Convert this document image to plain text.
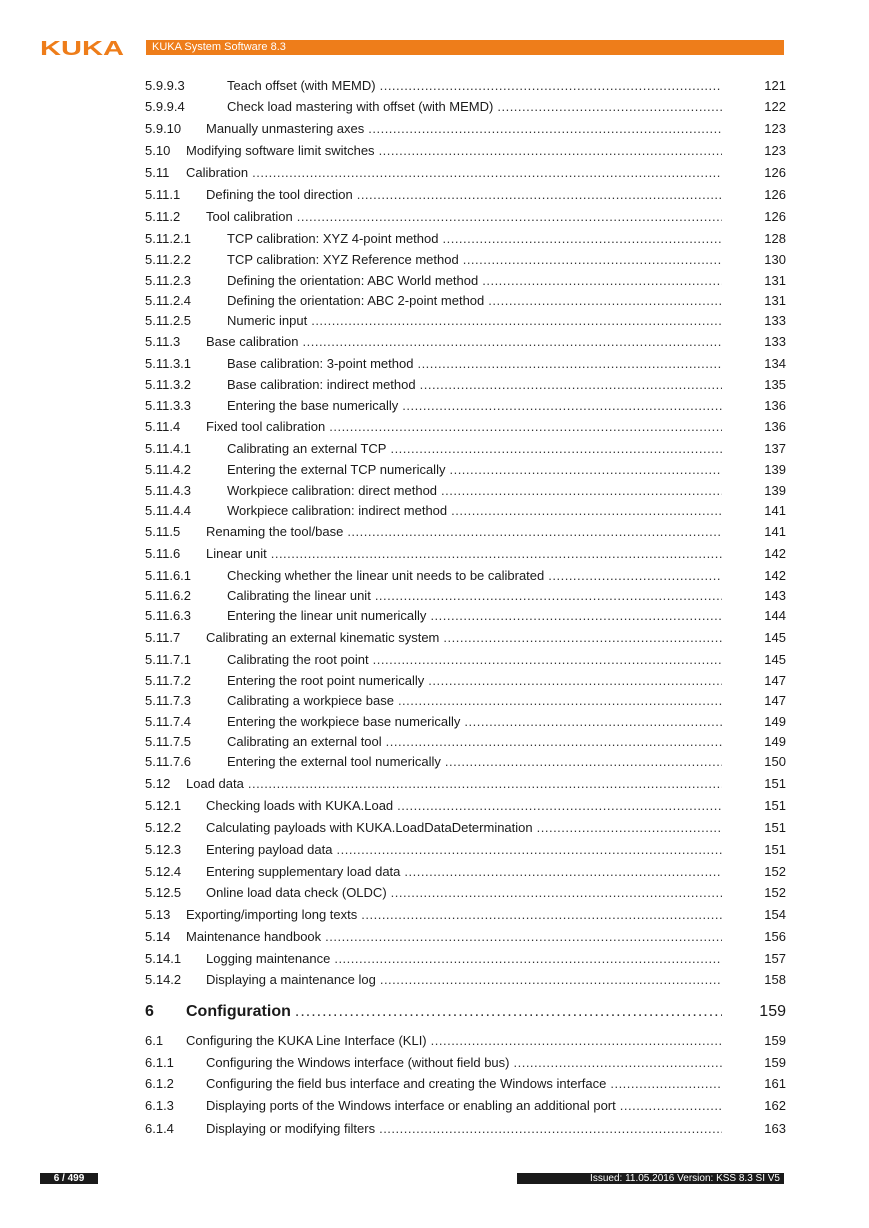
KUKA	KUKA System Software 8.3
5.9.9.3	Teach offset (with MEMD) .....	121
5.9.9.4	Check load mastering with offset (with MEMD) .....	122
5.9.10 Manually unmastering axes .....	123
5.10 Modifying software limit switches .....	123
5.11 Calibration .....	126
5.11.1 Defining the tool direction .....	126
5.11.2 Tool calibration .....	126
5.11.2.1	TCP calibration: XYZ 4-point method .....	128
5.11.2.2	TCP calibration: XYZ Reference method .....	130
5.11.2.3	Defining the orientation: ABC World method .....	131
5.11.2.4	Defining the orientation: ABC 2-point method .....	131
5.11.2.5	Numeric input .....	133
5.11.3 Base calibration .....	133
5.11.3.1	Base calibration: 3-point method .....	134
5.11.3.2	Base calibration: indirect method .....	135
5.11.3.3	Entering the base numerically .....	136
5.11.4 Fixed tool calibration .....	136
5.11.4.1	Calibrating an external TCP .....	137
5.11.4.2	Entering the external TCP numerically .....	139
5.11.4.3	Workpiece calibration: direct method .....	139
5.11.4.4	Workpiece calibration: indirect method .....	141
5.11.5 Renaming the tool/base .....	141
5.11.6 Linear unit .....	142
5.11.6.1	Checking whether the linear unit needs to be calibrated .....	142
5.11.6.2	Calibrating the linear unit .....	143
5.11.6.3	Entering the linear unit numerically .....	144
5.11.7 Calibrating an external kinematic system .....	145
5.11.7.1	Calibrating the root point .....	145
5.11.7.2	Entering the root point numerically .....	147
5.11.7.3	Calibrating a workpiece base .....	147
5.11.7.4	Entering the workpiece base numerically .....	149
5.11.7.5	Calibrating an external tool .....	149
5.11.7.6	Entering the external tool numerically .....	150
5.12 Load data .....	151
5.12.1 Checking loads with KUKA.Load .....	151
5.12.2 Calculating payloads with KUKA.LoadDataDetermination .....	151
5.12.3 Entering payload data .....	151
5.12.4 Entering supplementary load data .....	152
5.12.5 Online load data check (OLDC) .....	152
5.13 Exporting/importing long texts .....	154
5.14 Maintenance handbook .....	156
5.14.1 Logging maintenance .....	157
5.14.2 Displaying a maintenance log .....	158
6 Configuration .....	159
6.1 Configuring the KUKA Line Interface (KLI) .....	159
6.1.1 Configuring the Windows interface (without field bus) .....	159
6.1.2 Configuring the field bus interface and creating the Windows interface .....	161
6.1.3 Displaying ports of the Windows interface or enabling an additional port .....	162
6.1.4 Displaying or modifying filters .....	163
6 / 499	Issued: 11.05.2016 Version: KSS 8.3 SI V5
